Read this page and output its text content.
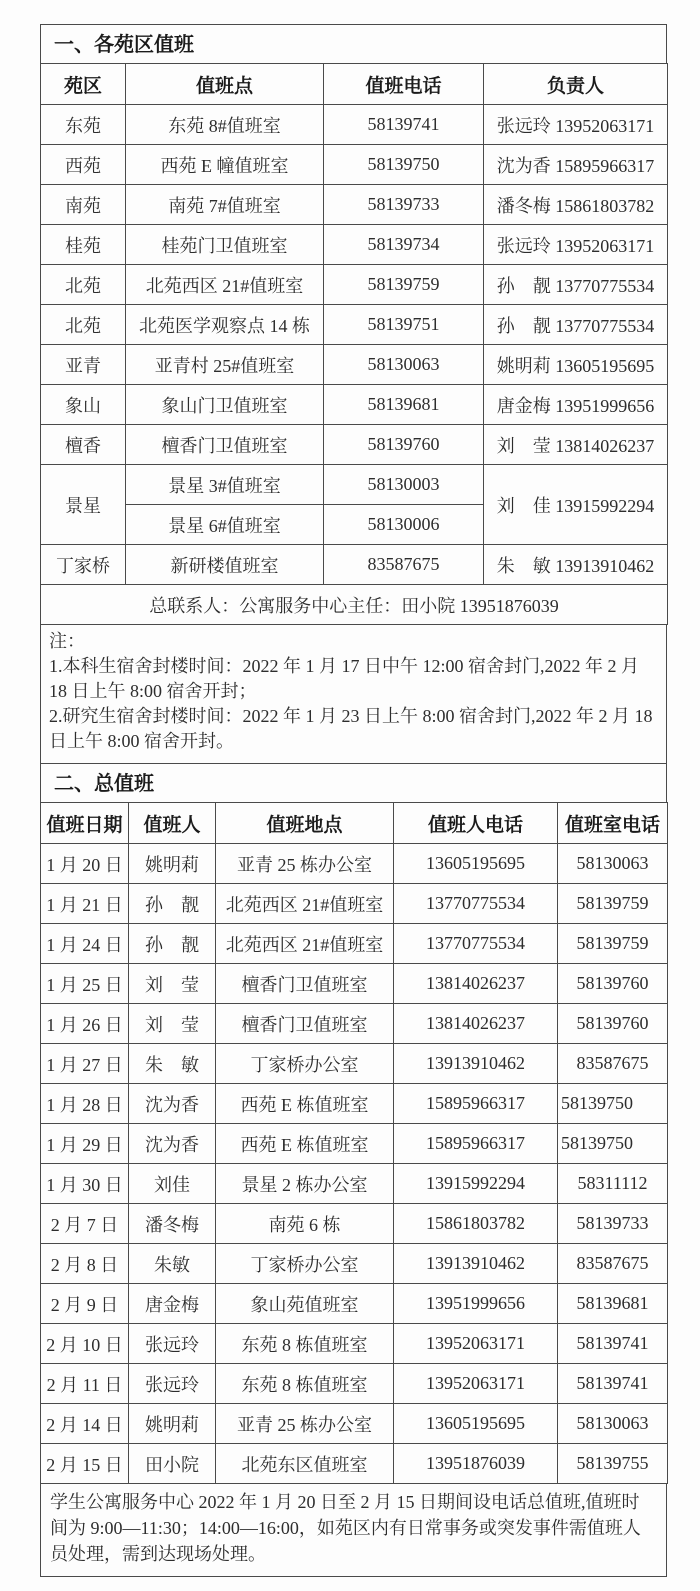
一、各苑区值班
苑区	值班点	值班电话	负责人
东苑	东苑 8#值班室	58139741	张远玲 13952063171
西苑	西苑 E 幢值班室	58139750	沈为香 15895966317
南苑	南苑 7#值班室	58139733	潘冬梅 15861803782
桂苑	桂苑门卫值班室	58139734	张远玲 13952063171
北苑	北苑西区 21#值班室	58139759	孙　靓 13770775534
北苑	北苑医学观察点 14 栋	58139751	孙　靓 13770775534
亚青	亚青村 25#值班室	58130063	姚明莉 13605195695
象山	象山门卫值班室	58139681	唐金梅 13951999656
檀香	檀香门卫值班室	58139760	刘　莹 13814026237
景星	景星 3#值班室	58130003	刘　佳 13915992294
	景星 6#值班室	58130006	
丁家桥	新研楼值班室	83587675	朱　敏 13913910462
总联系人：公寓服务中心主任：田小院 13951876039			

注：

1.本科生宿舍封楼时间：2022 年 1 月 17 日中午 12:00 宿舍封门,2022 年 2 月 18 日上午 8:00 宿舍开封；

2.研究生宿舍封楼时间：2022 年 1 月 23 日上午 8:00 宿舍封门,2022 年 2 月 18 日上午 8:00 宿舍开封。

二、总值班
值班日期	值班人	值班地点	值班人电话	值班室电话
1 月 20 日	姚明莉	亚青 25 栋办公室	13605195695	58130063
1 月 21 日	孙　靓	北苑西区 21#值班室	13770775534	58139759
1 月 24 日	孙　靓	北苑西区 21#值班室	13770775534	58139759
1 月 25 日	刘　莹	檀香门卫值班室	13814026237	58139760
1 月 26 日	刘　莹	檀香门卫值班室	13814026237	58139760
1 月 27 日	朱　敏	丁家桥办公室	13913910462	83587675
1 月 28 日	沈为香	西苑 E 栋值班室	15895966317	58139750
1 月 29 日	沈为香	西苑 E 栋值班室	15895966317	58139750
1 月 30 日	刘佳	景星 2 栋办公室	13915992294	58311112
2 月 7 日	潘冬梅	南苑 6 栋	15861803782	58139733
2 月 8 日	朱敏	丁家桥办公室	13913910462	83587675
2 月 9 日	唐金梅	象山苑值班室	13951999656	58139681
2 月 10 日	张远玲	东苑 8 栋值班室	13952063171	58139741
2 月 11 日	张远玲	东苑 8 栋值班室	13952063171	58139741
2 月 14 日	姚明莉	亚青 25 栋办公室	13605195695	58130063
2 月 15 日	田小院	北苑东区值班室	13951876039	58139755

学生公寓服务中心 2022 年 1 月 20 日至 2 月 15 日期间设电话总值班,值班时间为 9:00—11:30；14:00—16:00，如苑区内有日常事务或突发事件需值班人员处理，需到达现场处理。
